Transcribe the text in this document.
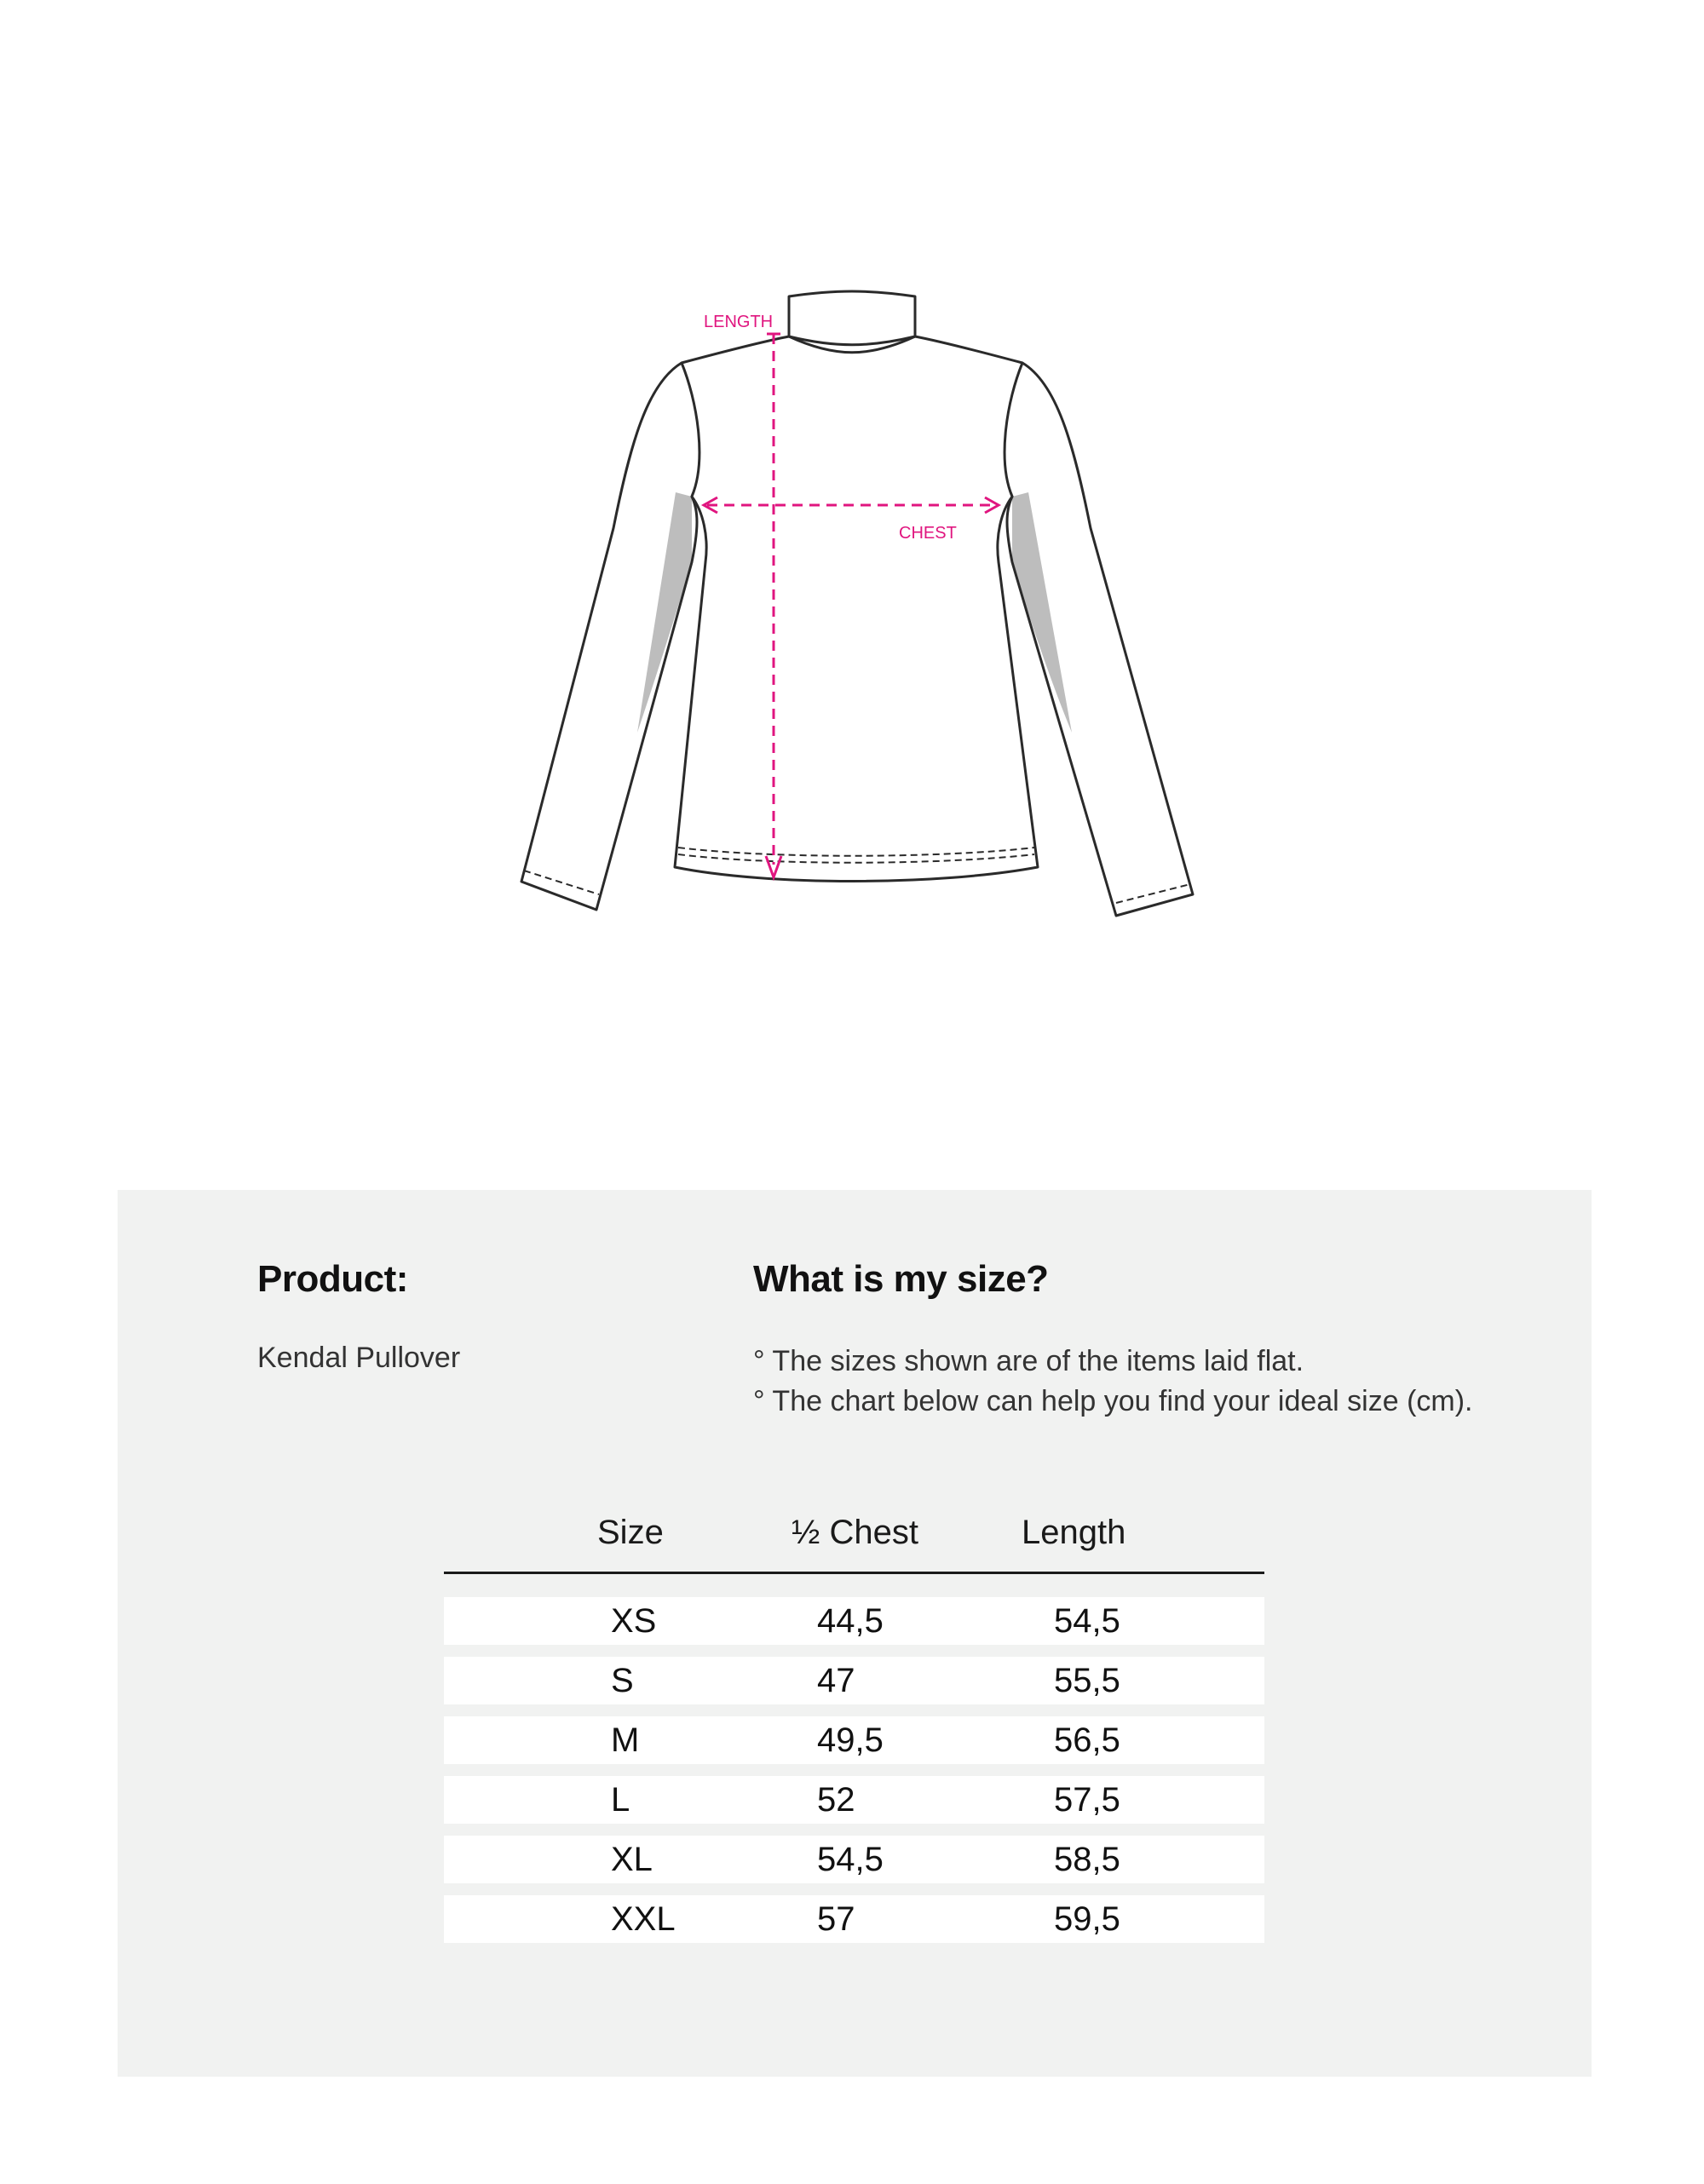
LENGTH
CHEST
Product:
Kendal Pullover
What is my size?
° The sizes shown are of the items laid flat.
° The chart below can help you find your ideal size (cm).
Size	½ Chest	Length
XS	44,5	54,5
S	47	55,5
M	49,5	56,5
L	52	57,5
XL	54,5	58,5
XXL	57	59,5
